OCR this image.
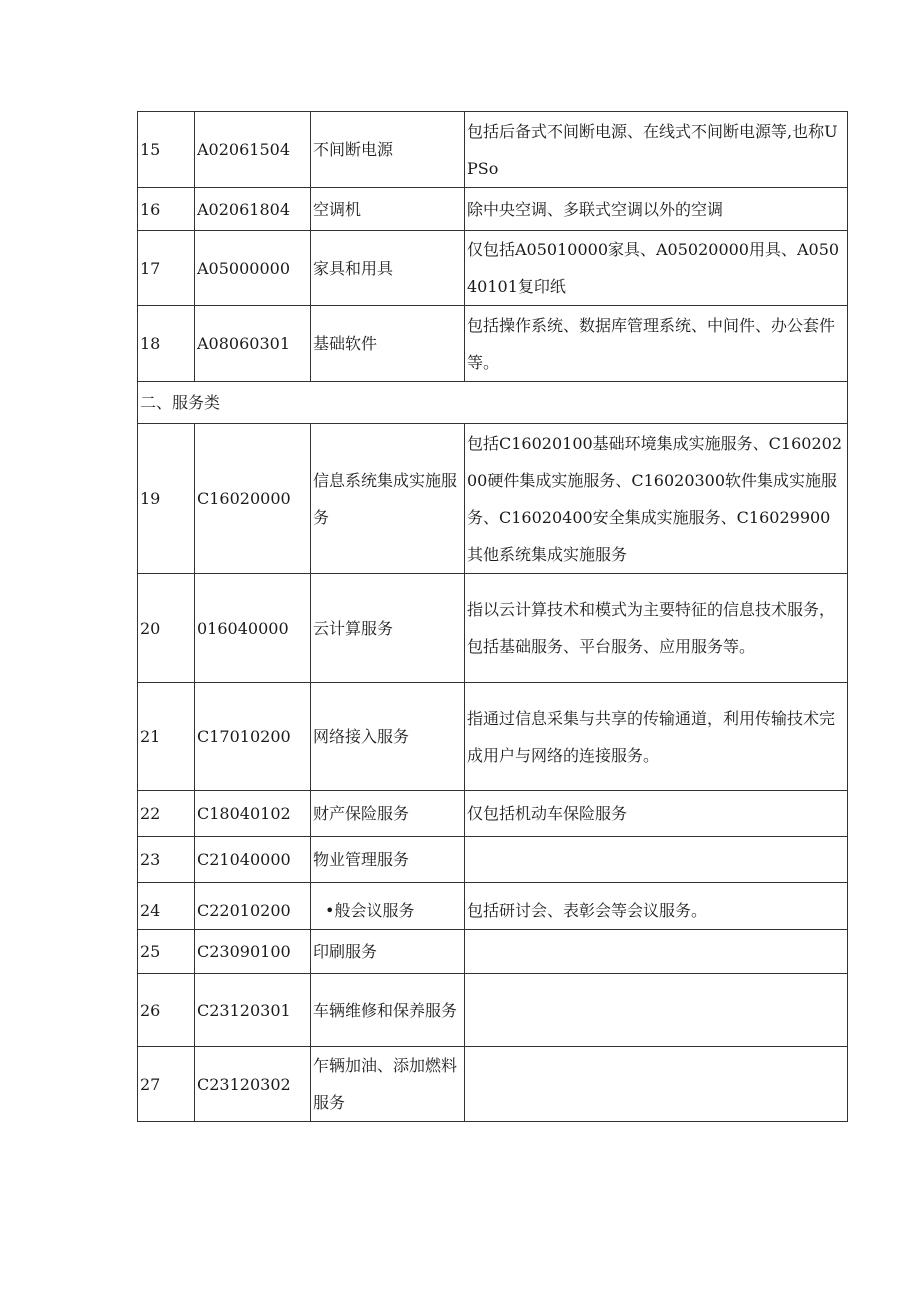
15	A02061504	不间断电源	包括后备式不间断电源、在线式不间断电源等,也称UPSo
16	A02061804	空调机	除中央空调、多联式空调以外的空调
17	A05000000	家具和用具	仅包括A05010000家具、A05020000用具、A05040101复印纸
18	A08060301	基础软件	包括操作系统、数据库管理系统、中间件、办公套件等。
二、服务类			
19	C16020000	信息系统集成实施服务	包括C16020100基础环境集成实施服务、C16020200硬件集成实施服务、C16020300软件集成实施服务、C16020400安全集成实施服务、C16029900其他系统集成实施服务
20	016040000	云计算服务	指以云计算技术和模式为主要特征的信息技术服务，包括基础服务、平台服务、应用服务等。
21	C17010200	网络接入服务	指通过信息采集与共享的传输通道，利用传输技术完成用户与网络的连接服务。
22	C18040102	财产保险服务	仅包括机动车保险服务
23	C21040000	物业管理服务	
24	C22010200	•般会议服务	包括研讨会、表彰会等会议服务。
25	C23090100	印刷服务	
26	C23120301	车辆维修和保养服务	
27	C23120302	乍辆加油、添加燃料服务	
